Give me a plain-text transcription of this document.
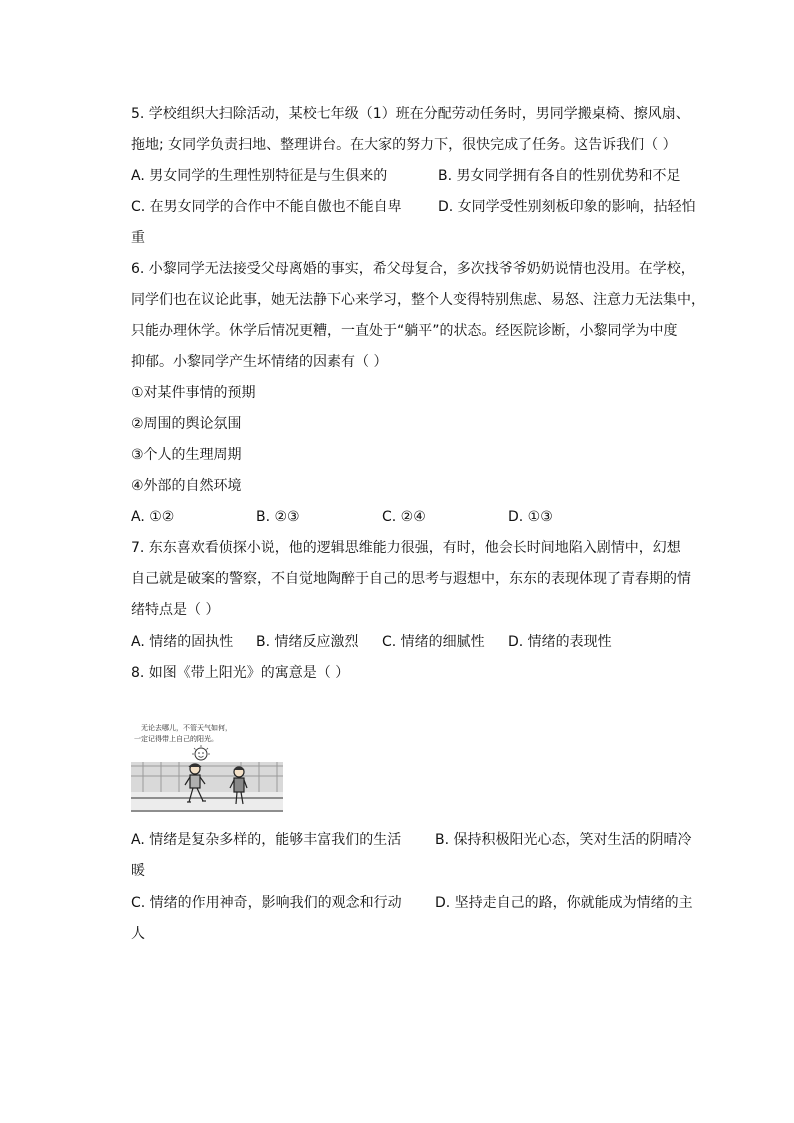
5. 学校组织大扫除活动，某校七年级（1）班在分配劳动任务时，男同学搬桌椅、擦风扇、
拖地; 女同学负责扫地、整理讲台。在大家的努力下，很快完成了任务。这告诉我们（ ）
A. 男女同学的生理性别特征是与生俱来的	B. 男女同学拥有各自的性别优势和不足
C. 在男女同学的合作中不能自傲也不能自卑	D. 女同学受性别刻板印象的影响，拈轻怕
重
6. 小黎同学无法接受父母离婚的事实，希父母复合，多次找爷爷奶奶说情也没用。在学校，
同学们也在议论此事，她无法静下心来学习，整个人变得特别焦虑、易怒、注意力无法集中，
只能办理休学。休学后情况更糟，一直处于“躺平”的状态。经医院诊断，小黎同学为中度
抑郁。小黎同学产生坏情绪的因素有（ ）
①对某件事情的预期
②周围的舆论氛围
③个人的生理周期
④外部的自然环境
A. ①②	B. ②③	C. ②④	D. ①③
7. 东东喜欢看侦探小说，他的逻辑思维能力很强，有时，他会长时间地陷入剧情中，幻想
自己就是破案的警察，不自觉地陶醉于自己的思考与遐想中，东东的表现体现了青春期的情
绪特点是（ ）
A. 情绪的固执性 B. 情绪反应激烈 C. 情绪的细腻性 D. 情绪的表现性
8. 如图《带上阳光》的寓意是（ ）
无论去哪儿，不管天气如何，
一定记得带上自己的阳光。
A. 情绪是复杂多样的，能够丰富我们的生活 B. 保持积极阳光心态，笑对生活的阴晴冷
暖
C. 情绪的作用神奇，影响我们的观念和行动 D. 坚持走自己的路，你就能成为情绪的主
人
